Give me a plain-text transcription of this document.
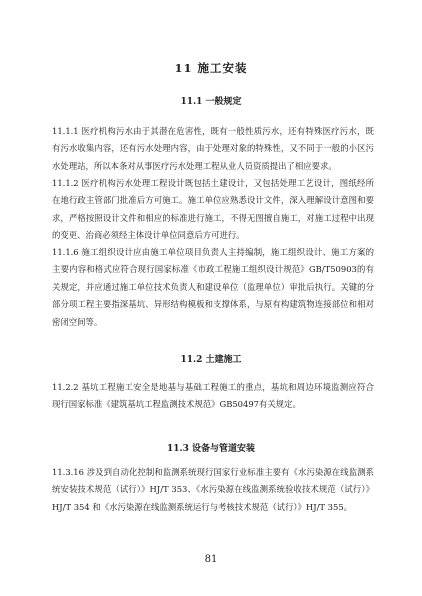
11 施工安装
11.1 一般规定
11.1.1 医疗机构污水由于其潜在危害性，既有一般性质污水，还有特殊医疗污水，既有污水收集内容，还有污水处理内容，由于处理对象的特殊性，又不同于一般的小区污水处理站，所以本条对从事医疗污水处理工程从业人员资质提出了相应要求。
11.1.2 医疗机构污水处理工程设计既包括土建设计，又包括处理工艺设计，图纸经所在地行政主管部门批准后方可施工。施工单位应熟悉设计文件，深入理解设计意图和要求，严格按照设计文件和相应的标准进行施工，不得无图擅自施工，对施工过程中出现的变更、治商必须经主体设计单位同意后方可进行。
11.1.6 施工组织设计应由施工单位项目负责人主持编制，施工组织设计、施工方案的主要内容和格式应符合现行国家标准《市政工程施工组织设计规范》GB/T50903的有关规定，并应通过施工单位技术负责人和建设单位（监理单位）审批后执行。关键的分部分项工程主要指深基坑、异形结构模板和支撑体系，与原有构建筑物连接部位和相对密闭空间等。
11.2 土建施工
11.2.2 基坑工程施工安全是地基与基础工程施工的重点，基坑和周边环境监测应符合现行国家标准《建筑基坑工程监测技术规范》GB50497有关规定。
11.3 设备与管道安装
11.3.16 涉及到自动化控制和监测系统现行国家行业标准主要有《水污染源在线监测系统安装技术规范（试行）》HJ/T 353、《水污染源在线监测系统验收技术规范（试行）》HJ/T 354 和《水污染源在线监测系统运行与考核技术规范（试行）》HJ/T 355。
81
